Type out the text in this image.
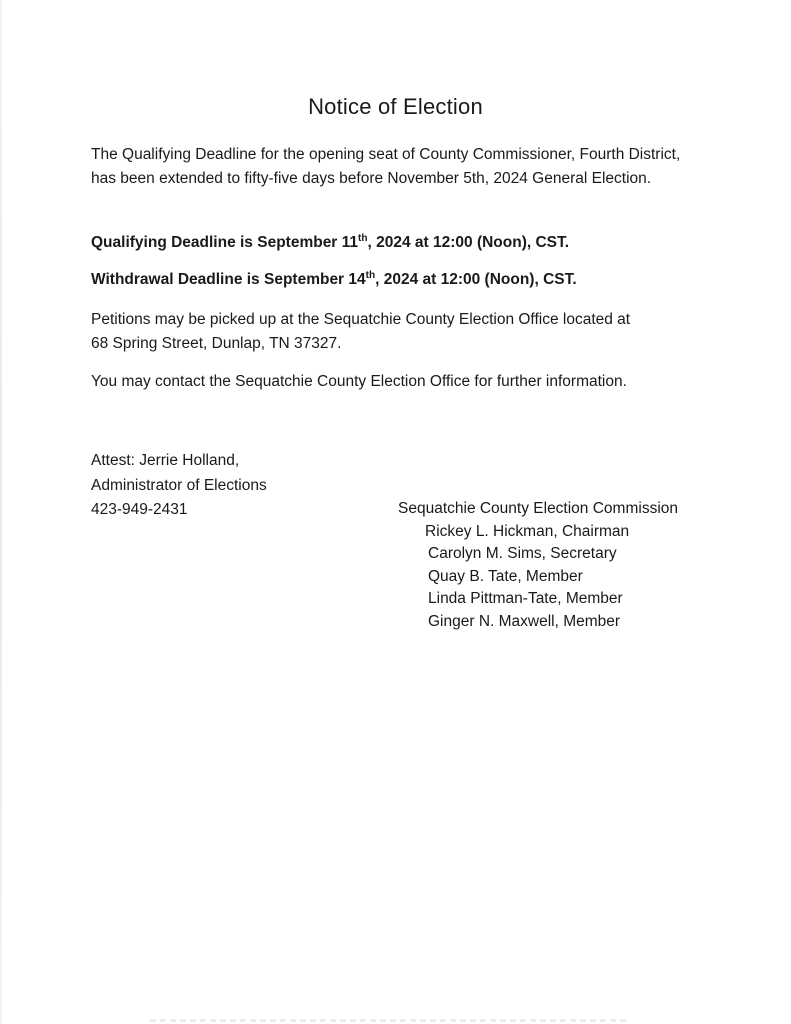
Notice of Election
The Qualifying Deadline for the opening seat of County Commissioner, Fourth District, has been extended to fifty-five days before November 5th, 2024 General Election.
Qualifying Deadline is September 11th, 2024 at 12:00 (Noon), CST.
Withdrawal Deadline is September 14th, 2024 at 12:00 (Noon), CST.
Petitions may be picked up at the Sequatchie County Election Office located at
68 Spring Street, Dunlap, TN 37327.
You may contact the Sequatchie County Election Office for further information.
Attest: Jerrie Holland,
Administrator of Elections
423-949-2431	Sequatchie County Election Commission
Rickey L. Hickman, Chairman
Carolyn M. Sims, Secretary
Quay B. Tate, Member
Linda Pittman-Tate, Member
Ginger N. Maxwell, Member
